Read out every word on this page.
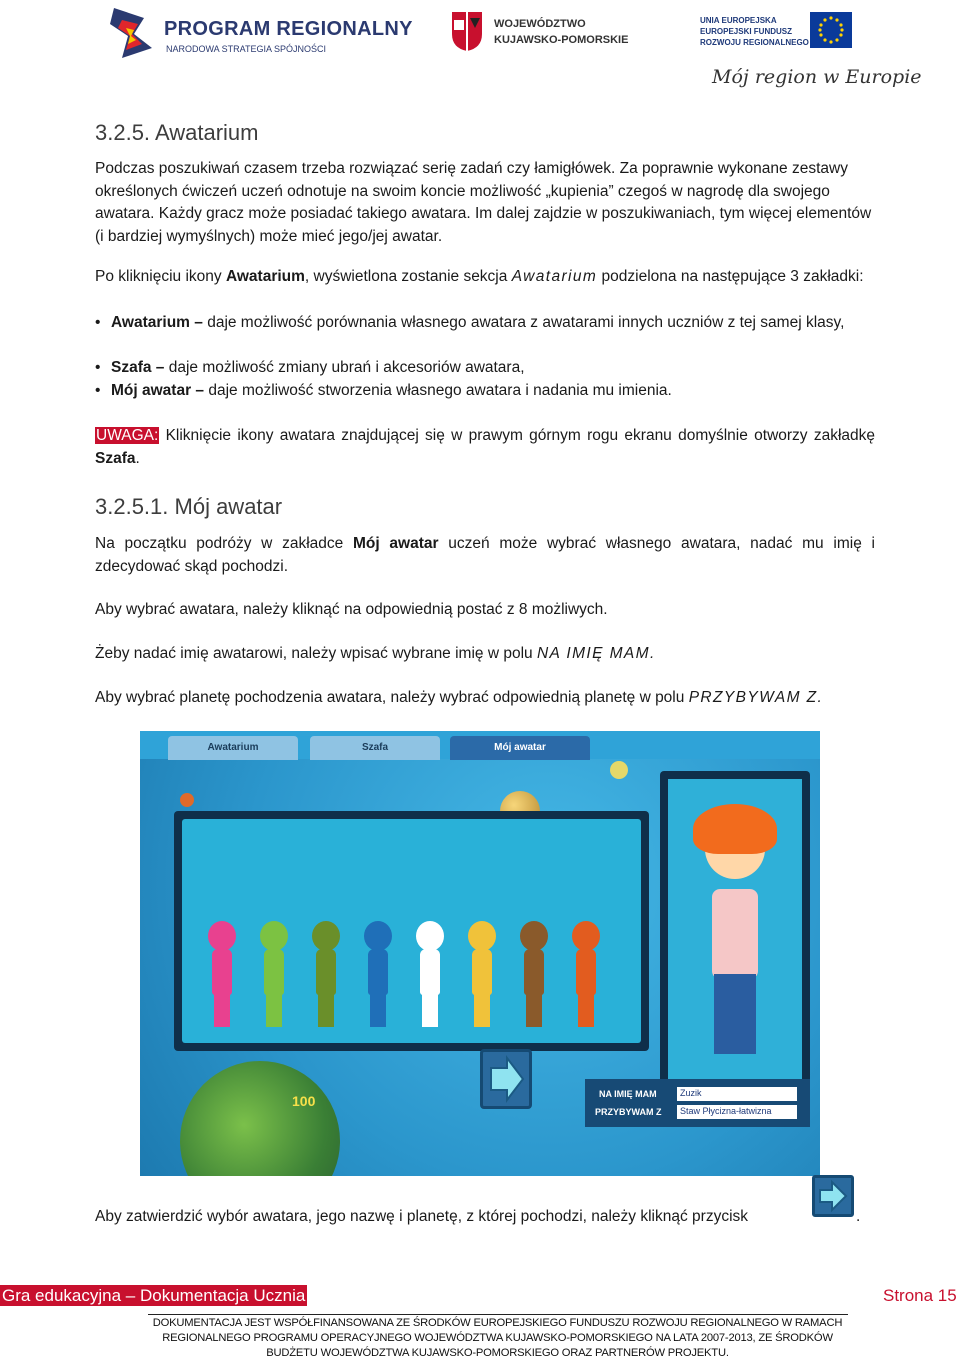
PROGRAM REGIONALNY
NARODOWA STRATEGIA SPÓJNOŚCI
WOJEWÓDZTWO
KUJAWSKO-POMORSKIE
UNIA EUROPEJSKA
EUROPEJSKI FUNDUSZ
ROZWOJU REGIONALNEGO
Mój region w Europie
3.2.5. Awatarium
Podczas poszukiwań czasem trzeba rozwiązać serię zadań czy łamigłówek. Za poprawnie wykonane zestawy określonych ćwiczeń uczeń odnotuje na swoim koncie możliwość „kupienia” czegoś w nagrodę dla swojego awatara. Każdy gracz może posiadać takiego awatara. Im dalej zajdzie w poszukiwaniach, tym więcej elementów (i bardziej wymyślnych) może mieć jego/jej awatar.
Po kliknięciu ikony Awatarium, wyświetlona zostanie sekcja Awatarium podzielona na następujące 3 zakładki:
• Awatarium – daje możliwość porównania własnego awatara z awatarami innych uczniów z tej samej klasy,
• Szafa – daje możliwość zmiany ubrań i akcesoriów awatara,
• Mój awatar – daje możliwość stworzenia własnego awatara i nadania mu imienia.
UWAGA: Kliknięcie ikony awatara znajdującej się w prawym górnym rogu ekranu domyślnie otworzy zakładkę Szafa.
3.2.5.1. Mój awatar
Na początku podróży w zakładce Mój awatar uczeń może wybrać własnego awatara, nadać mu imię i zdecydować skąd pochodzi.
Aby wybrać awatara, należy kliknąć na odpowiednią postać z 8 możliwych.
Żeby nadać imię awatarowi, należy wpisać wybrane imię w polu NA IMIĘ MAM.
Aby wybrać planetę pochodzenia awatara, należy wybrać odpowiednią planetę w polu PRZYBYWAM Z.
Awatarium	Szafa	Mój awatar
100	NA IMIĘ MAM	Zuzik
PRZYBYWAM Z	Staw Płycizna-łatwizna
Aby zatwierdzić wybór awatara, jego nazwę i planetę, z której pochodzi, należy kliknąć przycisk	.
Gra edukacyjna – Dokumentacja Ucznia	Strona 15
DOKUMENTACJA JEST WSPÓŁFINANSOWANA ZE ŚRODKÓW EUROPEJSKIEGO FUNDUSZU ROZWOJU REGIONALNEGO W RAMACH
REGIONALNEGO PROGRAMU OPERACYJNEGO WOJEWÓDZTWA KUJAWSKO-POMORSKIEGO NA LATA 2007-2013, ZE ŚRODKÓW
BUDŻETU WOJEWÓDZTWA KUJAWSKO-POMORSKIEGO ORAZ PARTNERÓW PROJEKTU.
